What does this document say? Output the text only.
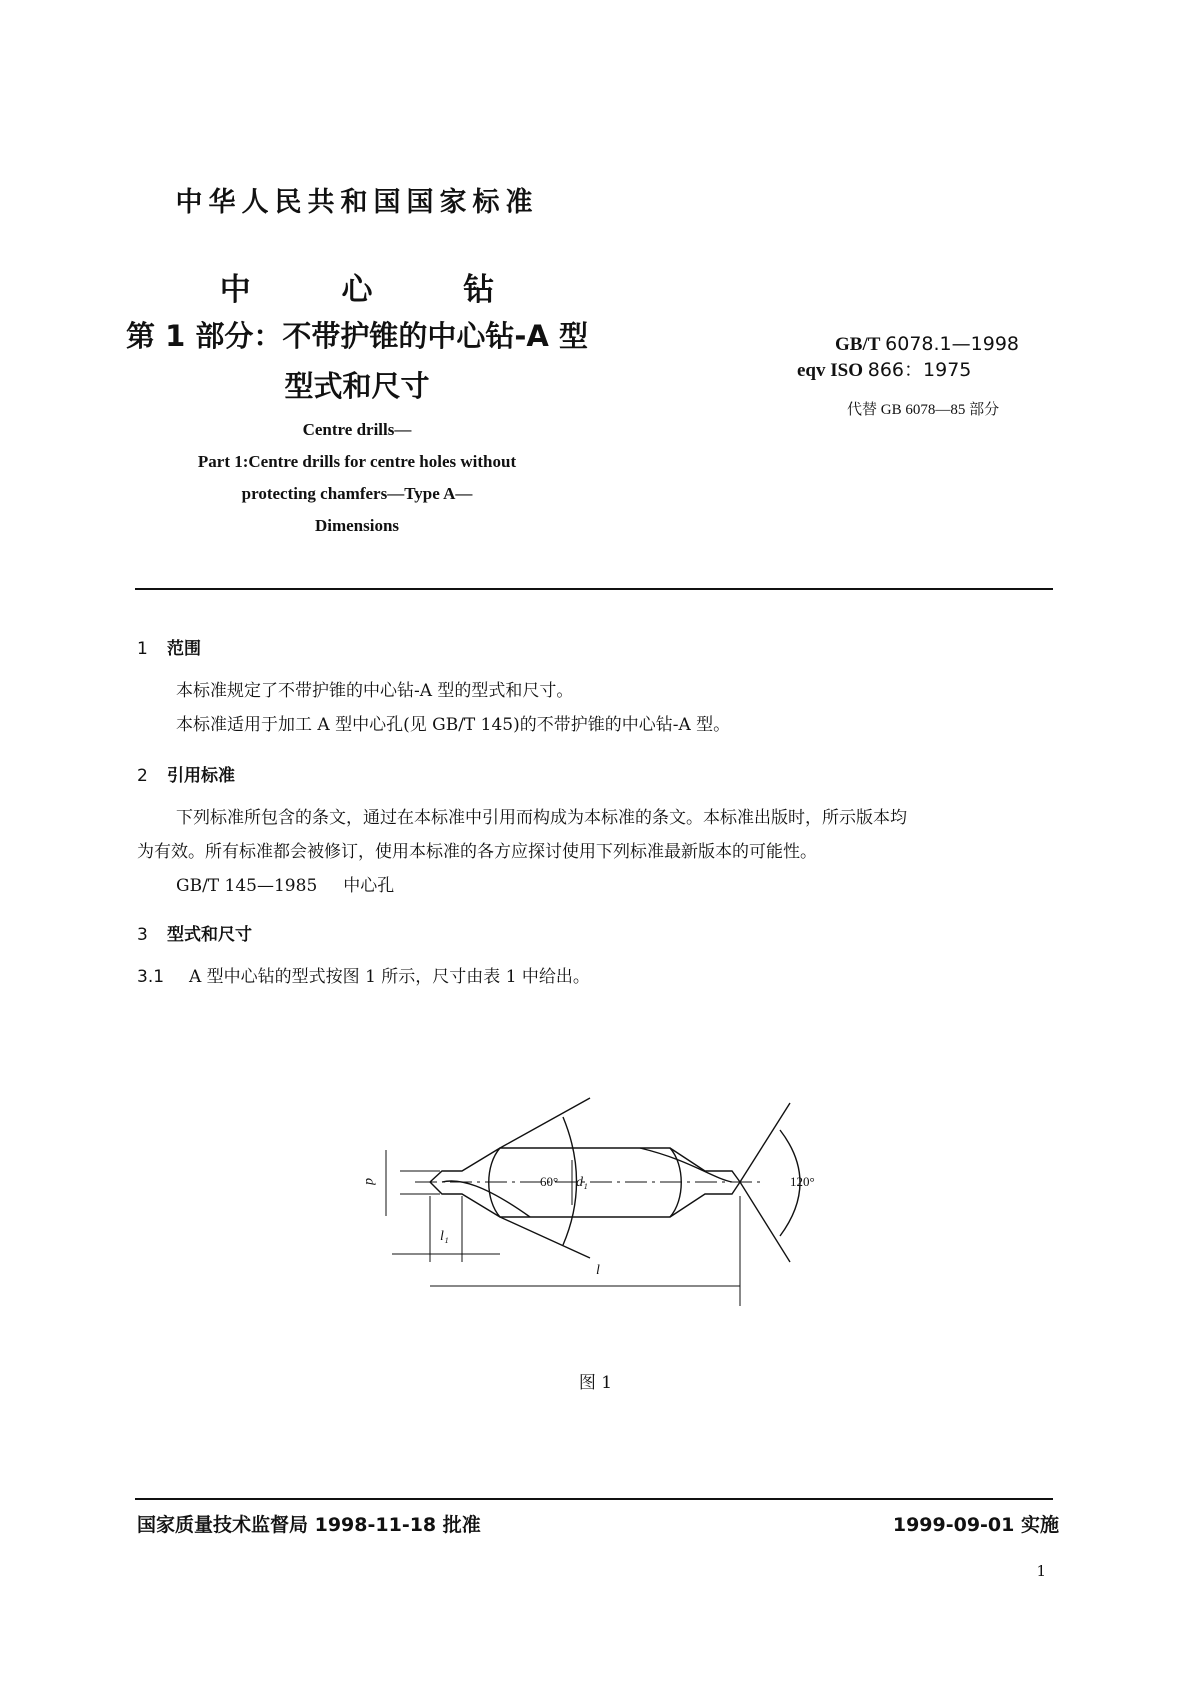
中华人民共和国国家标准
中 心 钻
第 1 部分：不带护锥的中心钻-A 型
型式和尺寸
GB/T 6078.1—1998
eqv ISO 866：1975
代替 GB 6078—85 部分
Centre drills—
Part 1:Centre drills for centre holes without
protecting chamfers—Type A—
Dimensions
1 范围
本标准规定了不带护锥的中心钻-A 型的型式和尺寸。
本标准适用于加工 A 型中心孔(见 GB/T 145)的不带护锥的中心钻-A 型。
2 引用标准
下列标准所包含的条文，通过在本标准中引用而构成为本标准的条文。本标准出版时，所示版本均
为有效。所有标准都会被修订，使用本标准的各方应探讨使用下列标准最新版本的可能性。
GB/T 145—1985 中心孔
3 型式和尺寸
3.1 A 型中心钻的型式按图 1 所示，尺寸由表 1 中给出。
d	d₁
l₁
l
60°	120°
图 1
国家质量技术监督局 1998-11-18 批准	1999-09-01 实施
1
